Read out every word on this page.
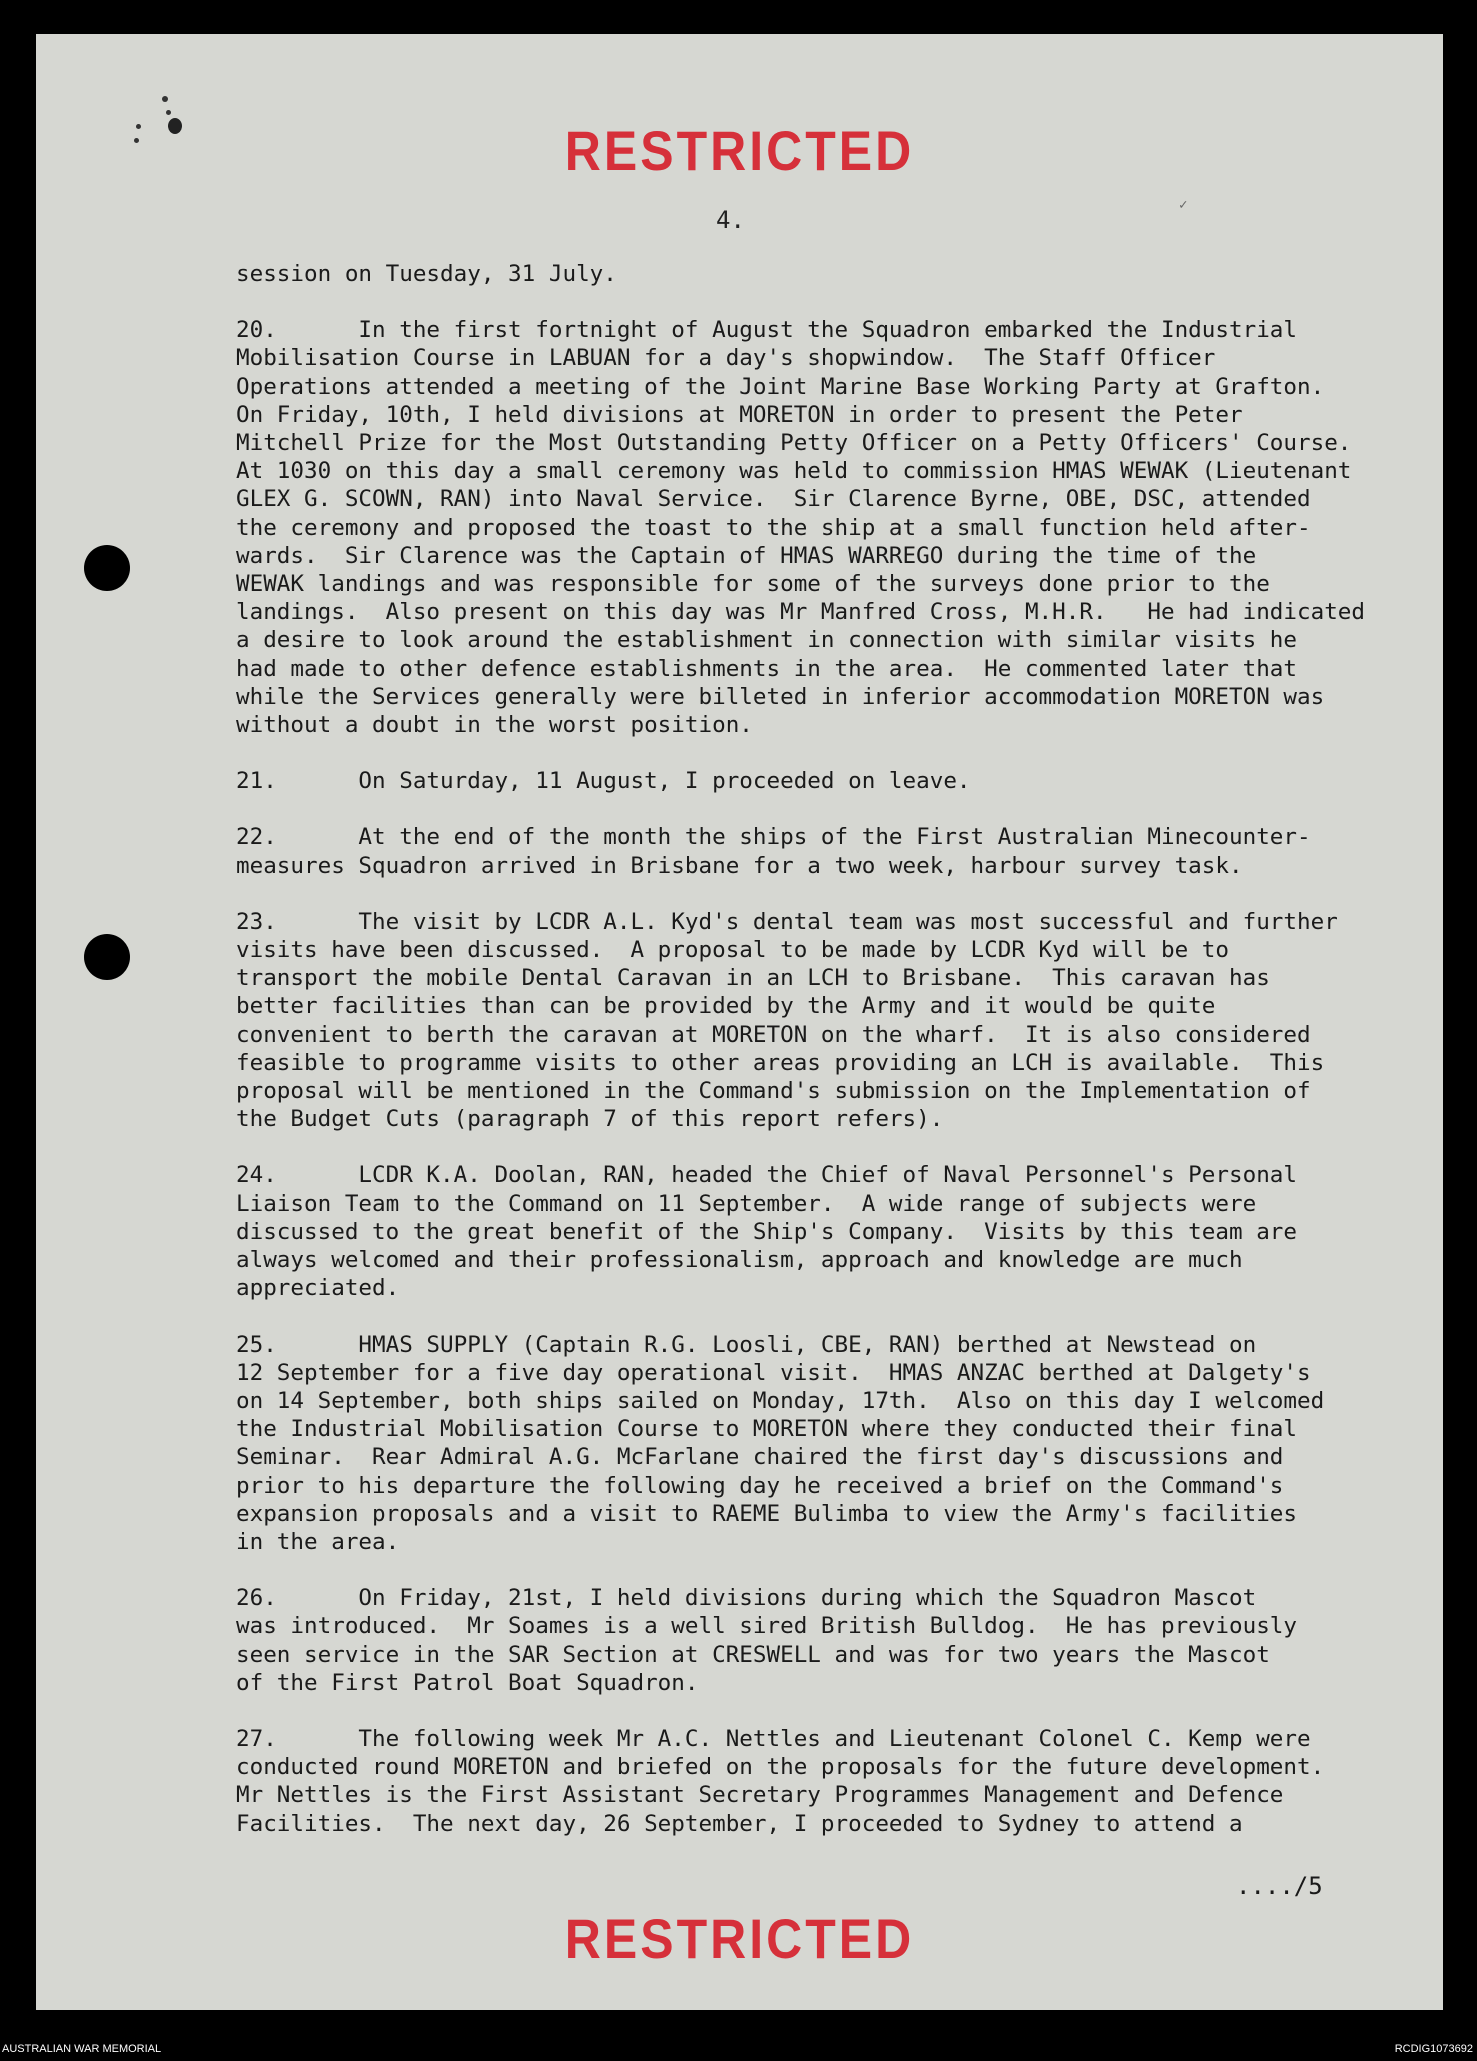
RESTRICTED
4.
✓
session on Tuesday, 31 July.
20.      In the first fortnight of August the Squadron embarked the Industrial
Mobilisation Course in LABUAN for a day's shopwindow.  The Staff Officer
Operations attended a meeting of the Joint Marine Base Working Party at Grafton.
On Friday, 10th, I held divisions at MORETON in order to present the Peter
Mitchell Prize for the Most Outstanding Petty Officer on a Petty Officers' Course.
At 1030 on this day a small ceremony was held to commission HMAS WEWAK (Lieutenant
GLEX G. SCOWN, RAN) into Naval Service.  Sir Clarence Byrne, OBE, DSC, attended
the ceremony and proposed the toast to the ship at a small function held after-
wards.  Sir Clarence was the Captain of HMAS WARREGO during the time of the
WEWAK landings and was responsible for some of the surveys done prior to the
landings.  Also present on this day was Mr Manfred Cross, M.H.R.   He had indicated
a desire to look around the establishment in connection with similar visits he
had made to other defence establishments in the area.  He commented later that
while the Services generally were billeted in inferior accommodation MORETON was
without a doubt in the worst position.
21.      On Saturday, 11 August, I proceeded on leave.
22.      At the end of the month the ships of the First Australian Minecounter-
measures Squadron arrived in Brisbane for a two week, harbour survey task.
23.      The visit by LCDR A.L. Kyd's dental team was most successful and further
visits have been discussed.  A proposal to be made by LCDR Kyd will be to
transport the mobile Dental Caravan in an LCH to Brisbane.  This caravan has
better facilities than can be provided by the Army and it would be quite
convenient to berth the caravan at MORETON on the wharf.  It is also considered
feasible to programme visits to other areas providing an LCH is available.  This
proposal will be mentioned in the Command's submission on the Implementation of
the Budget Cuts (paragraph 7 of this report refers).
24.      LCDR K.A. Doolan, RAN, headed the Chief of Naval Personnel's Personal
Liaison Team to the Command on 11 September.  A wide range of subjects were
discussed to the great benefit of the Ship's Company.  Visits by this team are
always welcomed and their professionalism, approach and knowledge are much
appreciated.
25.      HMAS SUPPLY (Captain R.G. Loosli, CBE, RAN) berthed at Newstead on
12 September for a five day operational visit.  HMAS ANZAC berthed at Dalgety's
on 14 September, both ships sailed on Monday, 17th.  Also on this day I welcomed
the Industrial Mobilisation Course to MORETON where they conducted their final
Seminar.  Rear Admiral A.G. McFarlane chaired the first day's discussions and
prior to his departure the following day he received a brief on the Command's
expansion proposals and a visit to RAEME Bulimba to view the Army's facilities
in the area.
26.      On Friday, 21st, I held divisions during which the Squadron Mascot
was introduced.  Mr Soames is a well sired British Bulldog.  He has previously
seen service in the SAR Section at CRESWELL and was for two years the Mascot
of the First Patrol Boat Squadron.
27.      The following week Mr A.C. Nettles and Lieutenant Colonel C. Kemp were
conducted round MORETON and briefed on the proposals for the future development.
Mr Nettles is the First Assistant Secretary Programmes Management and Defence
Facilities.  The next day, 26 September, I proceeded to Sydney to attend a
..../5
RESTRICTED
AUSTRALIAN WAR MEMORIAL	RCDIG1073692
